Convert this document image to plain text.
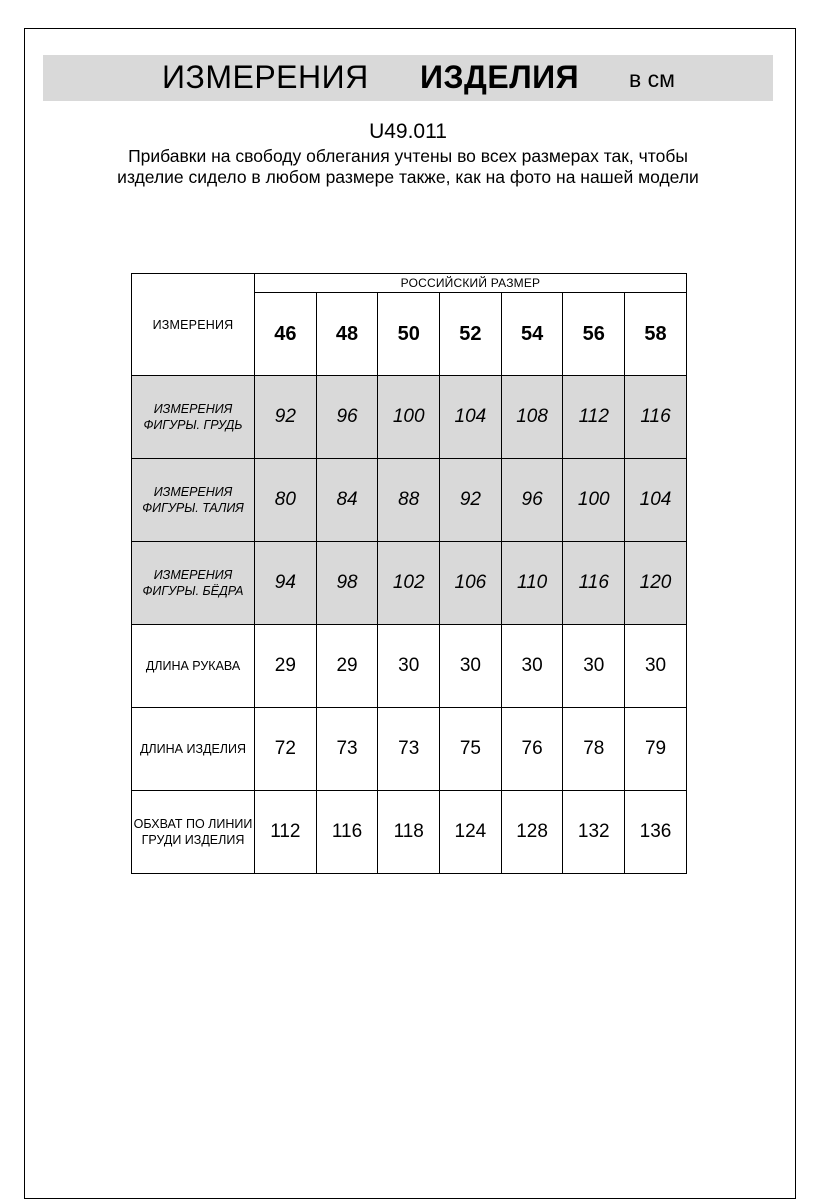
ИЗМЕРЕНИЯ ИЗДЕЛИЯ в см
U49.011
Прибавки на свободу облегания учтены во всех размерах так, чтобы изделие сидело в любом размере также, как на фото на нашей модели
ИЗМЕРЕНИЯ	РОССИЙСКИЙ РАЗМЕР						
	46	48	50	52	54	56	58
ИЗМЕРЕНИЯ ФИГУРЫ. ГРУДЬ	92	96	100	104	108	112	116
ИЗМЕРЕНИЯ ФИГУРЫ. ТАЛИЯ	80	84	88	92	96	100	104
ИЗМЕРЕНИЯ ФИГУРЫ. БЁДРА	94	98	102	106	110	116	120
ДЛИНА РУКАВА	29	29	30	30	30	30	30
ДЛИНА ИЗДЕЛИЯ	72	73	73	75	76	78	79
ОБХВАТ ПО ЛИНИИ ГРУДИ ИЗДЕЛИЯ	112	116	118	124	128	132	136
